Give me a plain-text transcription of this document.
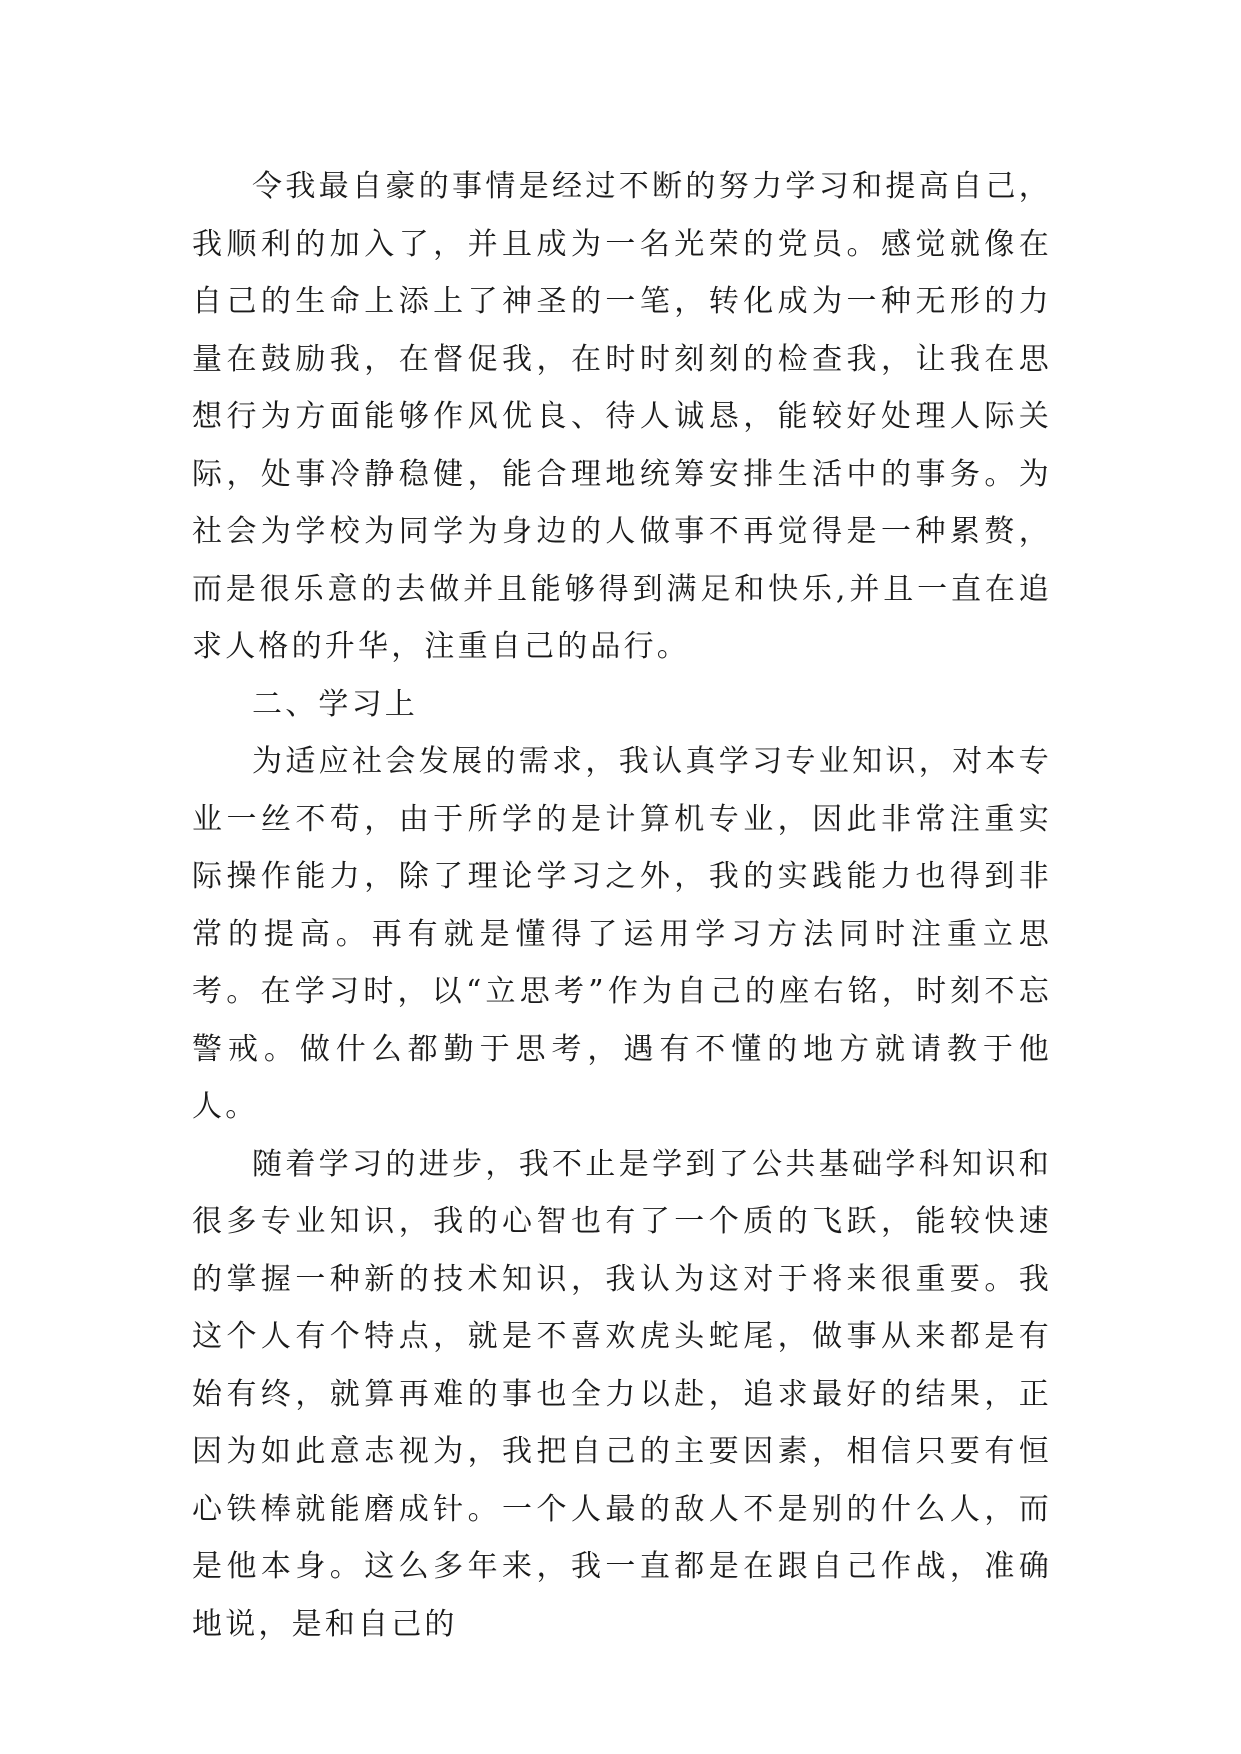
令我最自豪的事情是经过不断的努力学习和提高自己，我顺利的加入了，并且成为一名光荣的党员。感觉就像在自己的生命上添上了神圣的一笔，转化成为一种无形的力量在鼓励我，在督促我，在时时刻刻的检查我，让我在思想行为方面能够作风优良、待人诚恳，能较好处理人际关际，处事冷静稳健，能合理地统筹安排生活中的事务。为社会为学校为同学为身边的人做事不再觉得是一种累赘，而是很乐意的去做并且能够得到满足和快乐,并且一直在追求人格的升华，注重自己的品行。

二、学习上

为适应社会发展的需求，我认真学习专业知识，对本专业一丝不苟，由于所学的是计算机专业，因此非常注重实际操作能力，除了理论学习之外，我的实践能力也得到非常的提高。再有就是懂得了运用学习方法同时注重立思考。在学习时，以“立思考”作为自己的座右铭，时刻不忘警戒。做什么都勤于思考，遇有不懂的地方就请教于他人。

随着学习的进步，我不止是学到了公共基础学科知识和很多专业知识，我的心智也有了一个质的飞跃，能较快速的掌握一种新的技术知识，我认为这对于将来很重要。我这个人有个特点，就是不喜欢虎头蛇尾，做事从来都是有始有终，就算再难的事也全力以赴，追求最好的结果，正因为如此意志视为，我把自己的主要因素，相信只要有恒心铁棒就能磨成针。一个人最的敌人不是别的什么人，而是他本身。这么多年来，我一直都是在跟自己作战，准确地说，是和自己的
